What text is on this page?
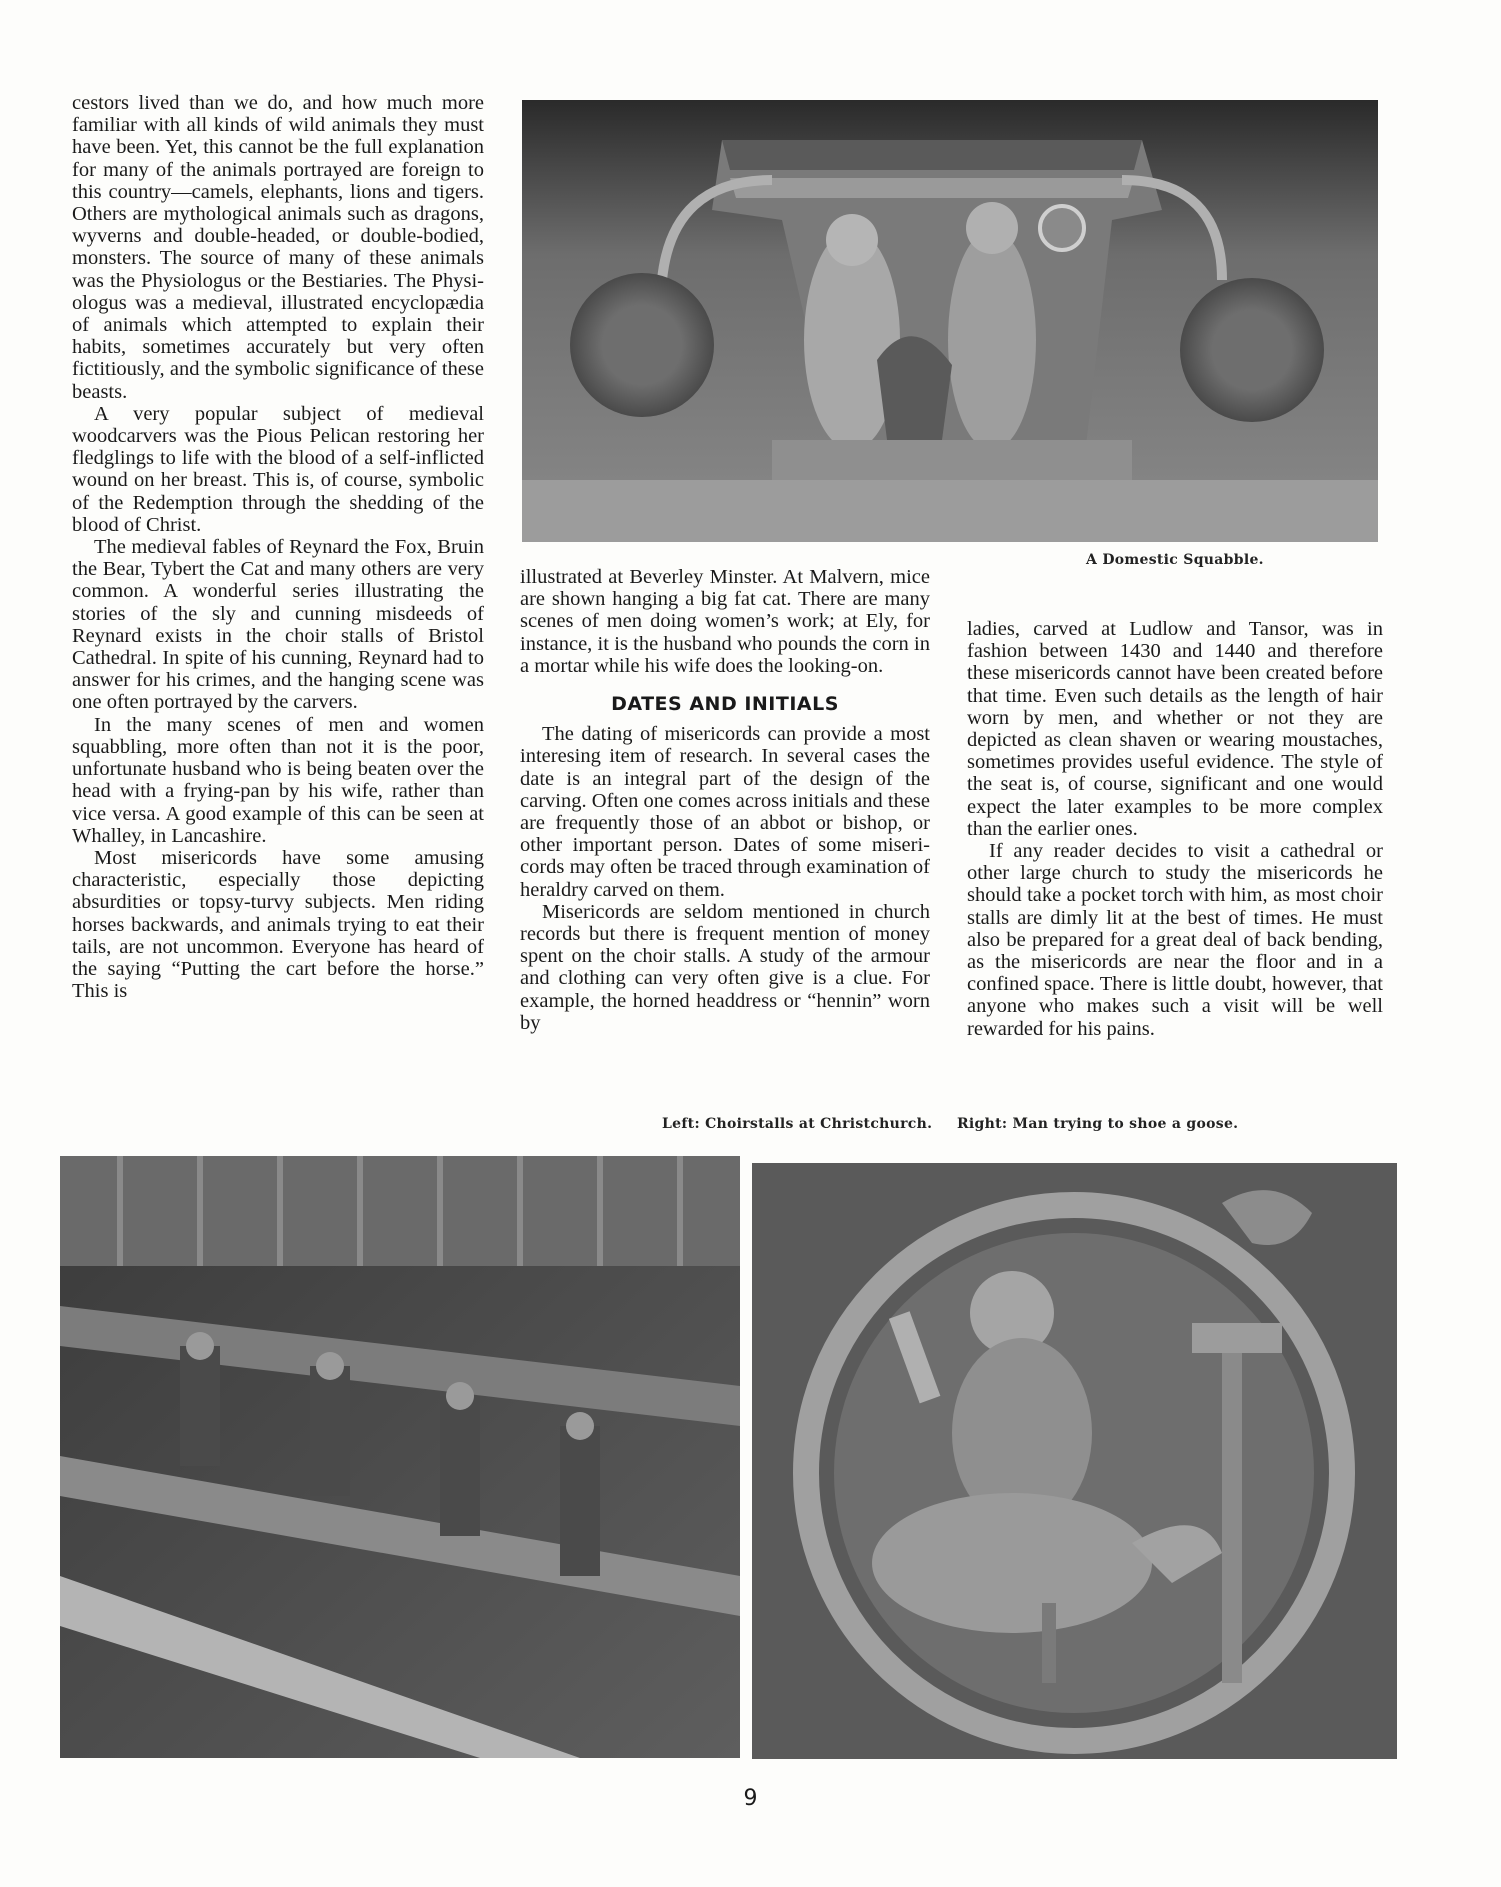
cestors lived than we do, and how much more familiar with all kinds of wild animals they must have been. Yet, this cannot be the full explanation for many of the animals portrayed are foreign to this country—camels, elephants, lions and tigers. Others are mythological animals such as dragons, wyverns and double-headed, or double-bodied, monsters. The source of many of these animals was the Physiologus or the Bestiaries. The Physiologus was a medieval, illustrated encyclopædia of animals which attempted to explain their habits, sometimes accurately but very often fictitiously, and the symbolic significance of these beasts.

A very popular subject of medieval woodcarvers was the Pious Pelican restoring her fledglings to life with the blood of a self-inflicted wound on her breast. This is, of course, symbolic of the Redemption through the shedding of the blood of Christ.

The medieval fables of Reynard the Fox, Bruin the Bear, Tybert the Cat and many others are very common. A wonderful series illustrating the stories of the sly and cunning misdeeds of Reynard exists in the choir stalls of Bristol Cathedral. In spite of his cunning, Reynard had to answer for his crimes, and the hanging scene was one often portrayed by the carvers.

In the many scenes of men and women squabbling, more often than not it is the poor, unfortunate husband who is being beaten over the head with a frying-pan by his wife, rather than vice versa. A good example of this can be seen at Whalley, in Lancashire.

Most misericords have some amusing characteristic, especially those depicting absurdities or topsy-turvy subjects. Men riding horses backwards, and animals trying to eat their tails, are not uncommon. Everyone has heard of the saying “Putting the cart before the horse.” This is

A Domestic Squabble.

illustrated at Beverley Minster. At Malvern, mice are shown hanging a big fat cat. There are many scenes of men doing women’s work; at Ely, for instance, it is the husband who pounds the corn in a mortar while his wife does the looking-on.

DATES AND INITIALS

The dating of misericords can provide a most interesing item of research. In several cases the date is an integral part of the design of the carving. Often one comes across initials and these are frequently those of an abbot or bishop, or other important person. Dates of some misericords may often be traced through examination of heraldry carved on them.

Misericords are seldom mentioned in church records but there is frequent mention of money spent on the choir stalls. A study of the armour and clothing can very often give is a clue. For example, the horned headdress or “hennin” worn by

ladies, carved at Ludlow and Tansor, was in fashion between 1430 and 1440 and therefore these misericords cannot have been created before that time. Even such details as the length of hair worn by men, and whether or not they are depicted as clean shaven or wearing moustaches, sometimes provides useful evidence. The style of the seat is, of course, significant and one would expect the later examples to be more complex than the earlier ones.

If any reader decides to visit a cathedral or other large church to study the misericords he should take a pocket torch with him, as most choir stalls are dimly lit at the best of times. He must also be prepared for a great deal of back bending, as the misericords are near the floor and in a confined space. There is little doubt, however, that anyone who makes such a visit will be well rewarded for his pains.

Left: Choirstalls at Christchurch. Right: Man trying to shoe a goose.
9
